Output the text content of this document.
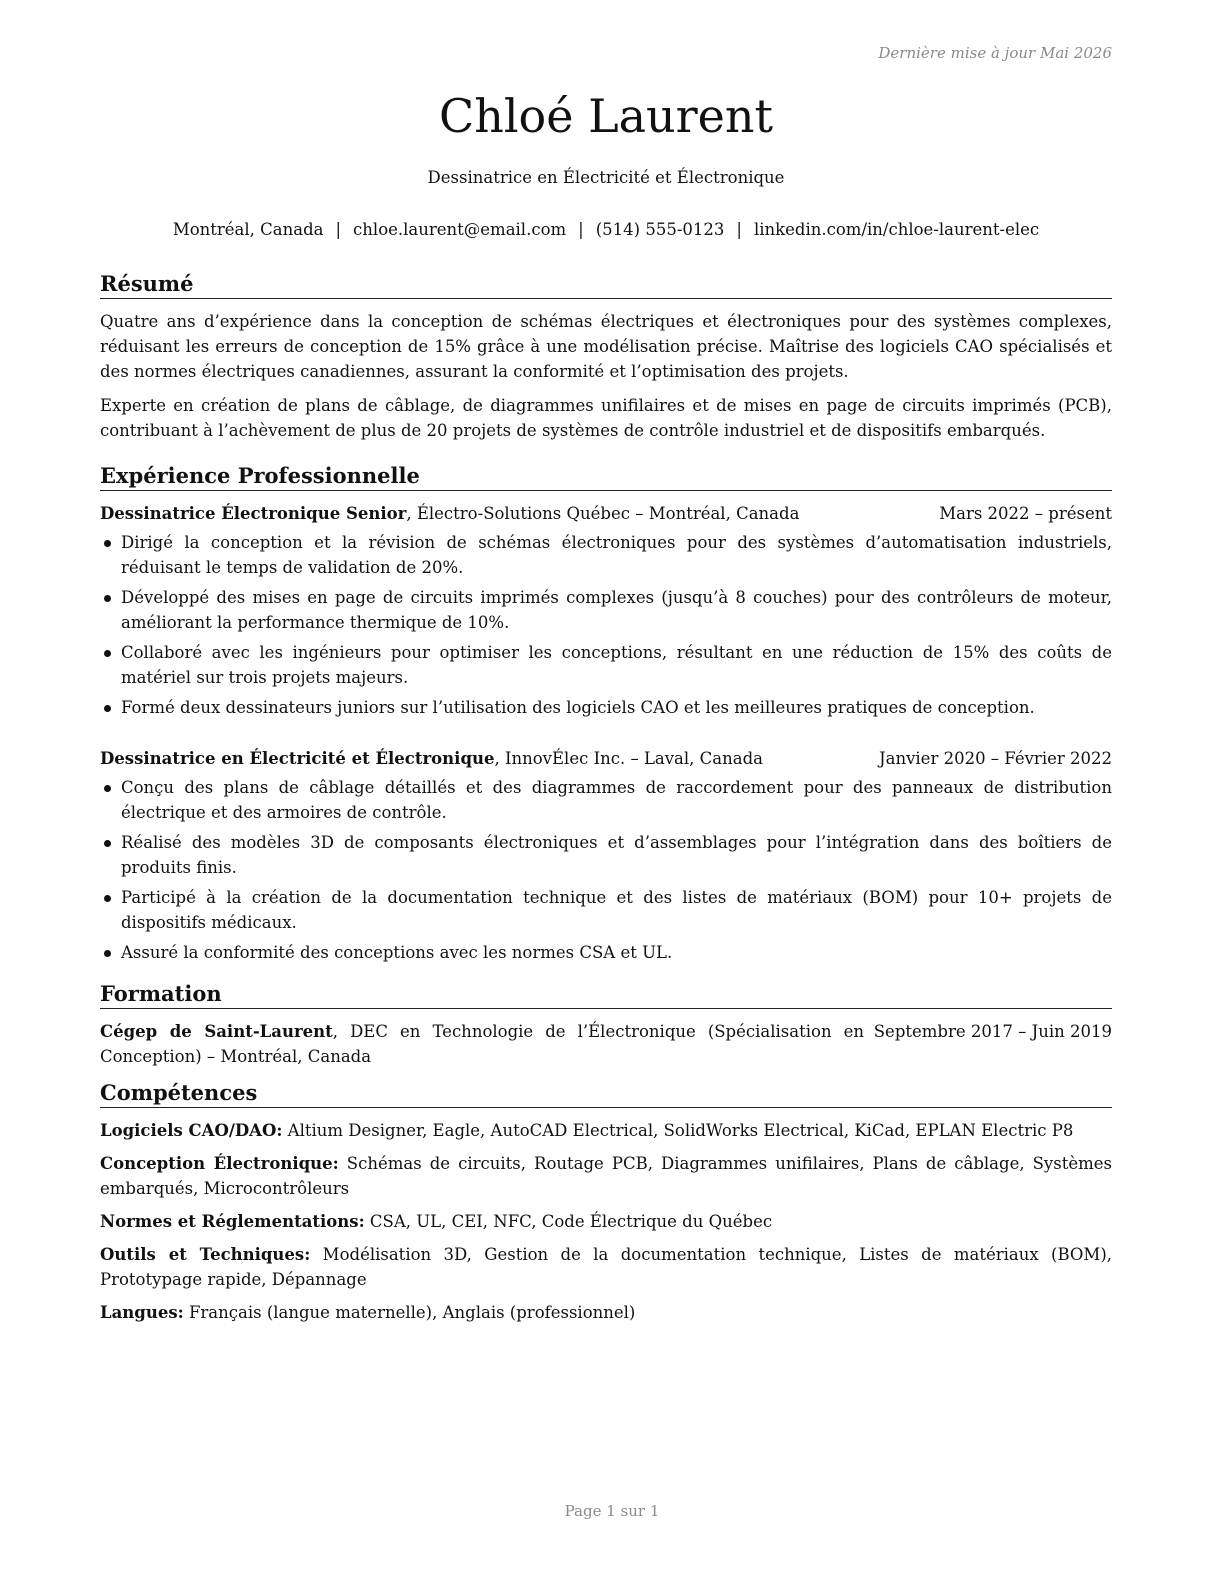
Dernière mise à jour Mai 2026
Chloé Laurent
Dessinatrice en Électricité et Électronique
Montréal, Canada | chloe.laurent@email.com | (514) 555-0123 | linkedin.com/in/chloe-laurent-elec
Résumé

Quatre ans d’expérience dans la conception de schémas électriques et électroniques pour des systèmes complexes, réduisant les erreurs de conception de 15% grâce à une modélisation précise. Maîtrise des logiciels CAO spécialisés et des normes électriques canadiennes, assurant la conformité et l’optimisation des projets.

Experte en création de plans de câblage, de diagrammes unifilaires et de mises en page de circuits imprimés (PCB), contribuant à l’achèvement de plus de 20 projets de systèmes de contrôle industriel et de dispositifs embarqués.

Expérience Professionnelle
Dessinatrice Électronique Senior, Électro-Solutions Québec – Montréal, Canada	Mars 2022 – présent
Dirigé la conception et la révision de schémas électroniques pour des systèmes d’automatisation industriels, réduisant le temps de validation de 20%.
Développé des mises en page de circuits imprimés complexes (jusqu’à 8 couches) pour des contrôleurs de moteur, améliorant la performance thermique de 10%.
Collaboré avec les ingénieurs pour optimiser les conceptions, résultant en une réduction de 15% des coûts de matériel sur trois projets majeurs.
Formé deux dessinateurs juniors sur l’utilisation des logiciels CAO et les meilleures pratiques de conception.
Dessinatrice en Électricité et Électronique, InnovÉlec Inc. – Laval, Canada	Janvier 2020 – Février 2022
Conçu des plans de câblage détaillés et des diagrammes de raccordement pour des panneaux de distribution électrique et des armoires de contrôle.
Réalisé des modèles 3D de composants électroniques et d’assemblages pour l’intégration dans des boîtiers de produits finis.
Participé à la création de la documentation technique et des listes de matériaux (BOM) pour 10+ projets de dispositifs médicaux.
Assuré la conformité des conceptions avec les normes CSA et UL.
Formation
Cégep de Saint-Laurent, DEC en Technologie de l’Électronique (Spécialisation en Conception) – Montréal, Canada
Septembre 2017 – Juin 2019
Compétences
Logiciels CAO/DAO: Altium Designer, Eagle, AutoCAD Electrical, SolidWorks Electrical, KiCad, EPLAN Electric P8
Conception Électronique: Schémas de circuits, Routage PCB, Diagrammes unifilaires, Plans de câblage, Systèmes embarqués, Microcontrôleurs
Normes et Réglementations: CSA, UL, CEI, NFC, Code Électrique du Québec
Outils et Techniques: Modélisation 3D, Gestion de la documentation technique, Listes de matériaux (BOM), Prototypage rapide, Dépannage
Langues: Français (langue maternelle), Anglais (professionnel)
Page 1 sur 1
